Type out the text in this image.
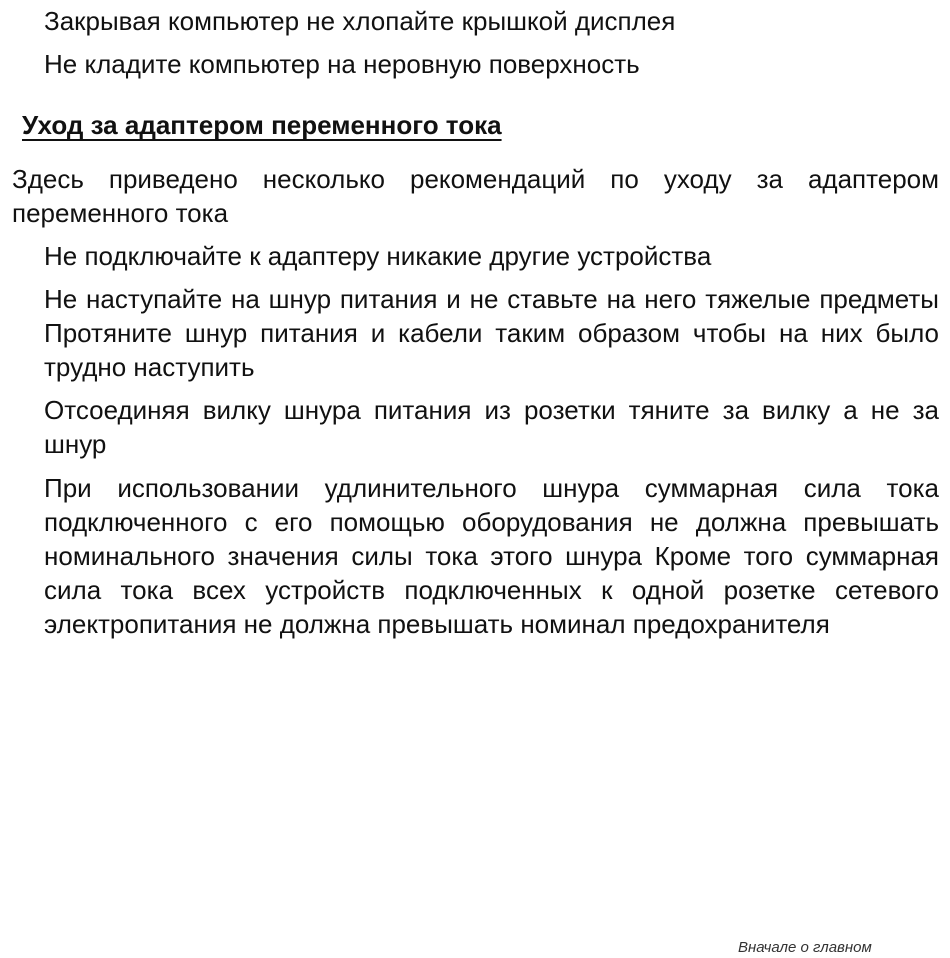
Закрывая компьютер не хлопайте крышкой дисплея

Не кладите компьютер на неровную поверхность

Уход за адаптером переменного тока

Здесь приведено несколько рекомендаций по уходу за адаптером переменного тока

Не подключайте к адаптеру никакие другие устройства

Не наступайте на шнур питания и не ставьте на него тяжелые предметы Протяните шнур питания и кабели таким образом чтобы на них было трудно наступить

Отсоединяя вилку шнура питания из розетки тяните за вилку а не за шнур

При использовании удлинительного шнура суммарная сила тока подключенного с его помощью оборудования не должна превышать номинального значения силы тока этого шнура Кроме того суммарная сила тока всех устройств подключенных к одной розетке сетевого электропитания не должна превышать номинал предохранителя

Вначале о главном
